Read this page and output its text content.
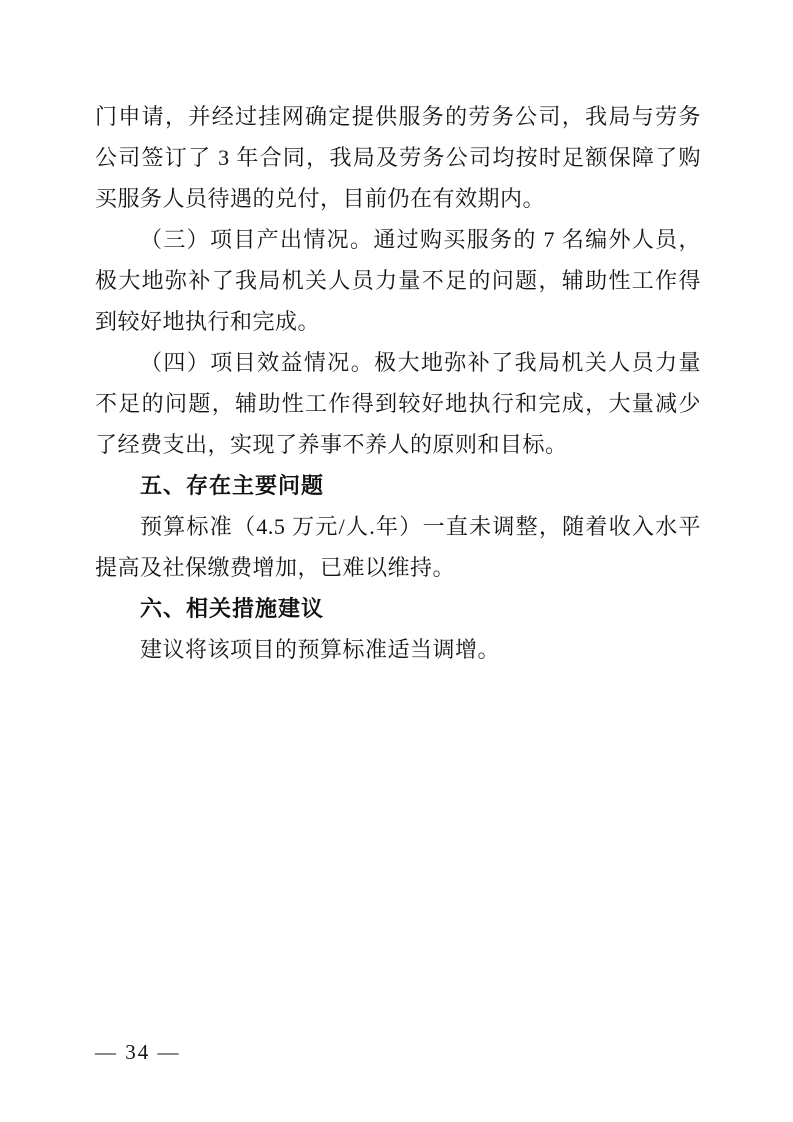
门申请，并经过挂网确定提供服务的劳务公司，我局与劳务公司签订了 3 年合同，我局及劳务公司均按时足额保障了购买服务人员待遇的兑付，目前仍在有效期内。

（三）项目产出情况。通过购买服务的 7 名编外人员，极大地弥补了我局机关人员力量不足的问题，辅助性工作得到较好地执行和完成。

（四）项目效益情况。极大地弥补了我局机关人员力量不足的问题，辅助性工作得到较好地执行和完成，大量减少了经费支出，实现了养事不养人的原则和目标。

五、存在主要问题

预算标准（4.5 万元/人.年）一直未调整，随着收入水平提高及社保缴费增加，已难以维持。

六、相关措施建议

建议将该项目的预算标准适当调增。

— 34 —
